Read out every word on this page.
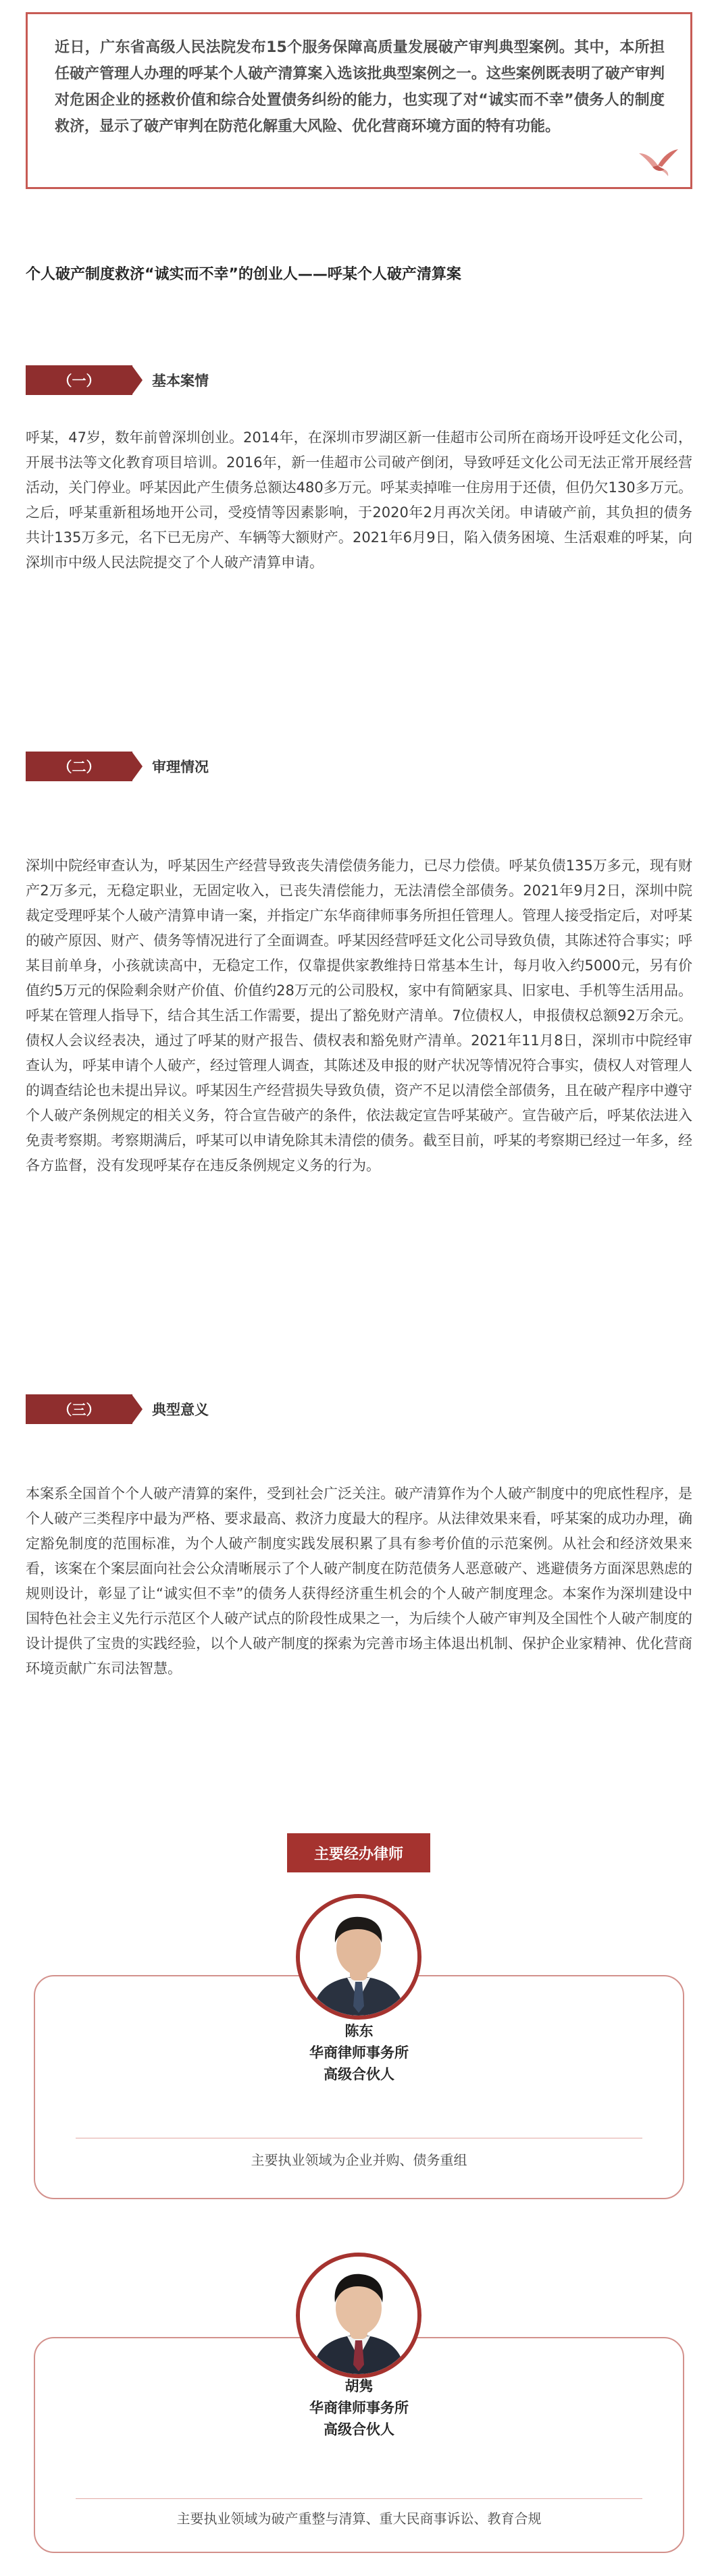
近日，广东省高级人民法院发布15个服务保障高质量发展破产审判典型案例。其中，本所担任破产管理人办理的呼某个人破产清算案入选该批典型案例之一。这些案例既表明了破产审判对危困企业的拯救价值和综合处置债务纠纷的能力，也实现了对“诚实而不幸”债务人的制度救济，显示了破产审判在防范化解重大风险、优化营商环境方面的特有功能。

个人破产制度救济“诚实而不幸”的创业人——呼某个人破产清算案
（一）	基本案情

呼某，47岁，数年前曾深圳创业。2014年，在深圳市罗湖区新一佳超市公司所在商场开设呼廷文化公司，开展书法等文化教育项目培训。2016年，新一佳超市公司破产倒闭，导致呼廷文化公司无法正常开展经营活动，关门停业。呼某因此产生债务总额达480多万元。呼某卖掉唯一住房用于还债，但仍欠130多万元。之后，呼某重新租场地开公司，受疫情等因素影响，于2020年2月再次关闭。申请破产前，其负担的债务共计135万多元，名下已无房产、车辆等大额财产。2021年6月9日，陷入债务困境、生活艰难的呼某，向深圳市中级人民法院提交了个人破产清算申请。

（二）	审理情况

深圳中院经审查认为，呼某因生产经营导致丧失清偿债务能力，已尽力偿债。呼某负债135万多元，现有财产2万多元，无稳定职业，无固定收入，已丧失清偿能力，无法清偿全部债务。2021年9月2日，深圳中院裁定受理呼某个人破产清算申请一案，并指定广东华商律师事务所担任管理人。管理人接受指定后，对呼某的破产原因、财产、债务等情况进行了全面调查。呼某因经营呼廷文化公司导致负债，其陈述符合事实；呼某目前单身，小孩就读高中，无稳定工作，仅靠提供家教维持日常基本生计，每月收入约5000元，另有价值约5万元的保险剩余财产价值、价值约28万元的公司股权，家中有简陋家具、旧家电、手机等生活用品。呼某在管理人指导下，结合其生活工作需要，提出了豁免财产清单。7位债权人，申报债权总额92万余元。债权人会议经表决，通过了呼某的财产报告、债权表和豁免财产清单。2021年11月8日，深圳市中院经审查认为，呼某申请个人破产，经过管理人调查，其陈述及申报的财产状况等情况符合事实，债权人对管理人的调查结论也未提出异议。呼某因生产经营损失导致负债，资产不足以清偿全部债务，且在破产程序中遵守个人破产条例规定的相关义务，符合宣告破产的条件，依法裁定宣告呼某破产。宣告破产后，呼某依法进入免责考察期。考察期满后，呼某可以申请免除其未清偿的债务。截至目前，呼某的考察期已经过一年多，经各方监督，没有发现呼某存在违反条例规定义务的行为。

（三）	典型意义

本案系全国首个个人破产清算的案件，受到社会广泛关注。破产清算作为个人破产制度中的兜底性程序，是个人破产三类程序中最为严格、要求最高、救济力度最大的程序。从法律效果来看，呼某案的成功办理，确定豁免制度的范围标准，为个人破产制度实践发展积累了具有参考价值的示范案例。从社会和经济效果来看，该案在个案层面向社会公众清晰展示了个人破产制度在防范债务人恶意破产、逃避债务方面深思熟虑的规则设计，彰显了让“诚实但不幸”的债务人获得经济重生机会的个人破产制度理念。本案作为深圳建设中国特色社会主义先行示范区个人破产试点的阶段性成果之一，为后续个人破产审判及全国性个人破产制度的设计提供了宝贵的实践经验，以个人破产制度的探索为完善市场主体退出机制、保护企业家精神、优化营商环境贡献广东司法智慧。

主要经办律师
陈东
华商律师事务所
高级合伙人
主要执业领域为企业并购、债务重组
胡隽
华商律师事务所
高级合伙人
主要执业领域为破产重整与清算、重大民商事诉讼、教育合规
